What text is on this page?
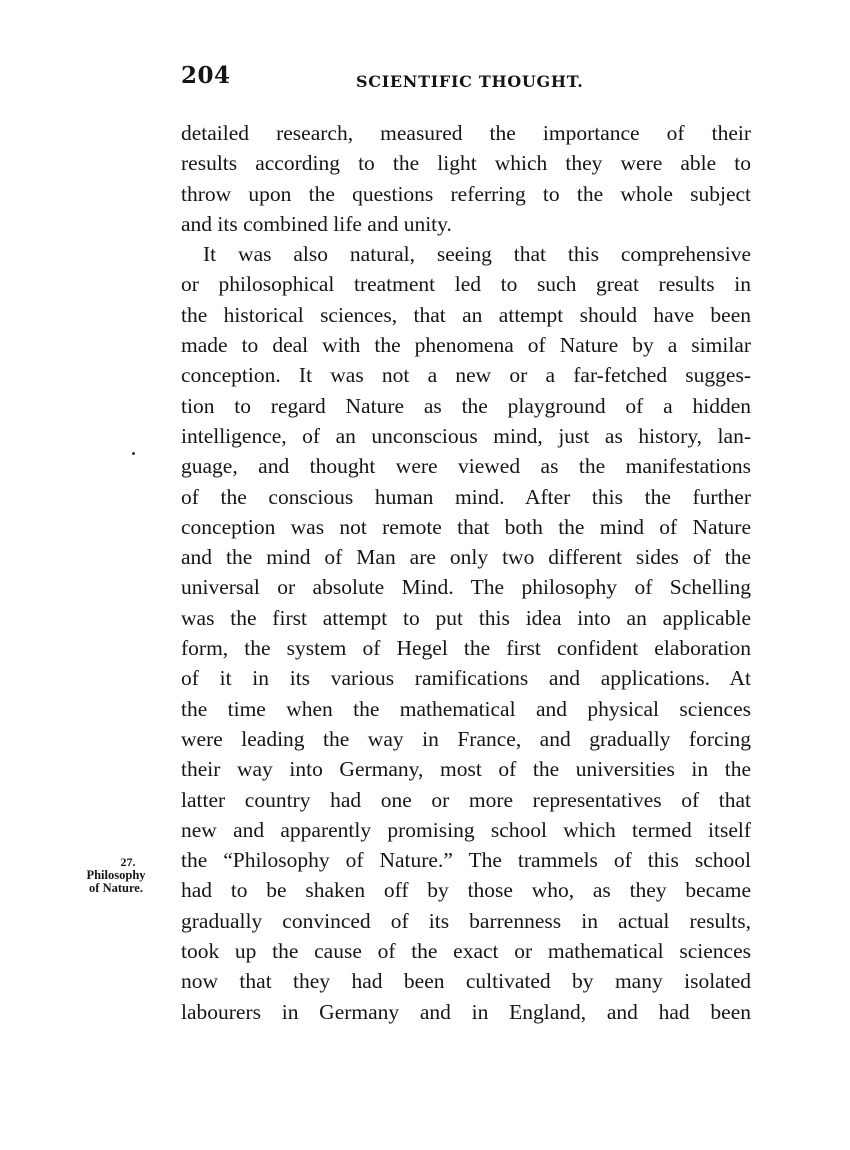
204	SCIENTIFIC THOUGHT.
detailed research, measured the importance of their
results according to the light which they were able to
throw upon the questions referring to the whole subject
and its combined life and unity.
It was also natural, seeing that this comprehensive
or philosophical treatment led to such great results in
the historical sciences, that an attempt should have been
made to deal with the phenomena of Nature by a similar
conception. It was not a new or a far-fetched sugges-
tion to regard Nature as the playground of a hidden
intelligence, of an unconscious mind, just as history, lan-
guage, and thought were viewed as the manifestations
of the conscious human mind. After this the further
conception was not remote that both the mind of Nature
and the mind of Man are only two different sides of the
universal or absolute Mind. The philosophy of Schelling
was the first attempt to put this idea into an applicable
form, the system of Hegel the first confident elaboration
of it in its various ramifications and applications. At
the time when the mathematical and physical sciences
were leading the way in France, and gradually forcing
their way into Germany, most of the universities in the
latter country had one or more representatives of that
new and apparently promising school which termed itself
the “Philosophy of Nature.” The trammels of this school
had to be shaken off by those who, as they became
gradually convinced of its barrenness in actual results,
took up the cause of the exact or mathematical sciences
now that they had been cultivated by many isolated
labourers in Germany and in England, and had been
27.
Philosophy
of Nature.
